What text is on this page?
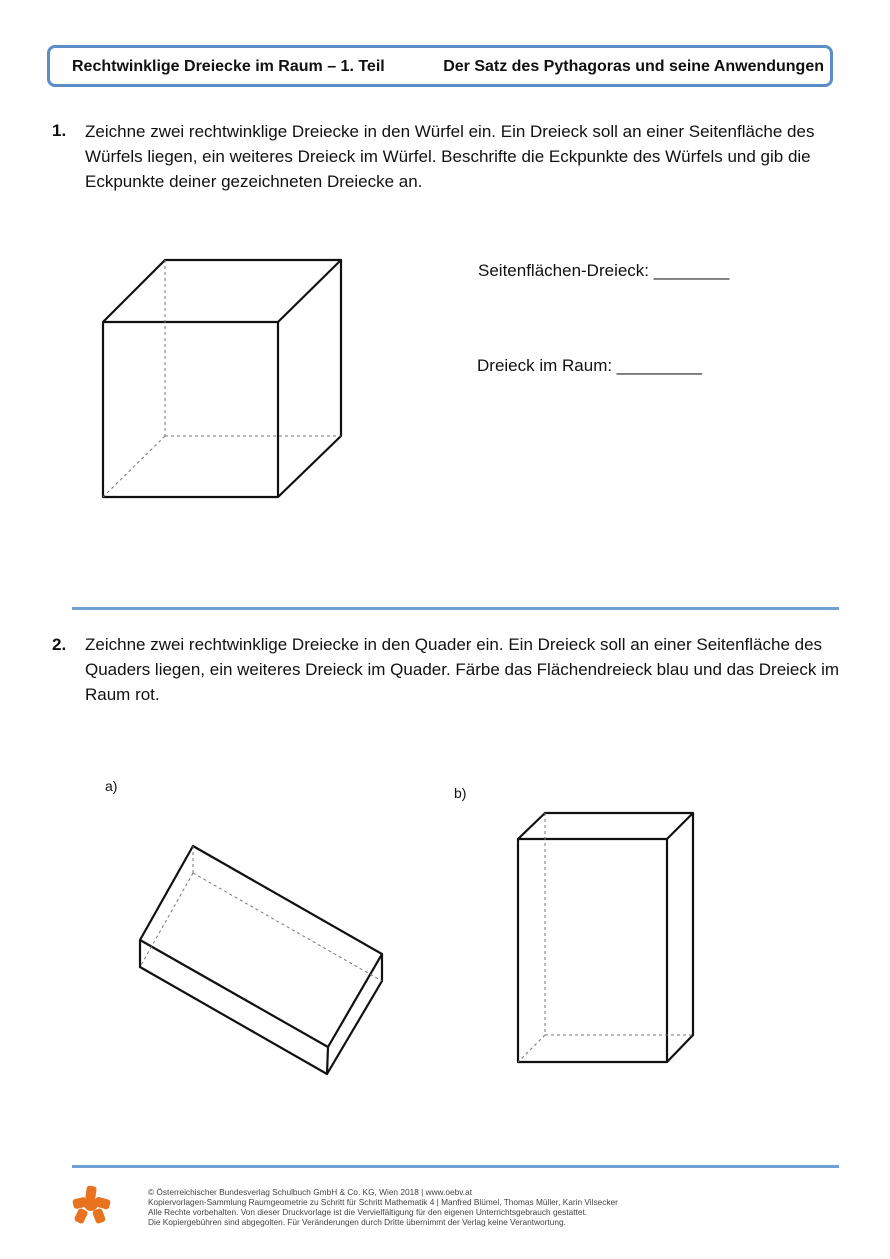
Rechtwinklige Dreiecke im Raum – 1. Teil	Der Satz des Pythagoras und seine Anwendungen
1. Zeichne zwei rechtwinklige Dreiecke in den Würfel ein. Ein Dreieck soll an einer Seitenfläche des Würfels liegen, ein weiteres Dreieck im Würfel. Beschrifte die Eckpunkte des Würfels und gib die Eckpunkte deiner gezeichneten Dreiecke an.
Seitenflächen-Dreieck: ________
Dreieck im Raum: _________
2. Zeichne zwei rechtwinklige Dreiecke in den Quader ein. Ein Dreieck soll an einer Seitenfläche des Quaders liegen, ein weiteres Dreieck im Quader. Färbe das Flächendreieck blau und das Dreieck im Raum rot.
a)	b)
© Österreichischer Bundesverlag Schulbuch GmbH & Co. KG, Wien 2018 | www.oebv.at
Kopiervorlagen-Sammlung Raumgeometrie zu Schritt für Schritt Mathematik 4 | Manfred Blümel, Thomas Müller, Karin Vilsecker
Alle Rechte vorbehalten. Von dieser Druckvorlage ist die Vervielfältigung für den eigenen Unterrichtsgebrauch gestattet.
Die Kopiergebühren sind abgegolten. Für Veränderungen durch Dritte übernimmt der Verlag keine Verantwortung.
